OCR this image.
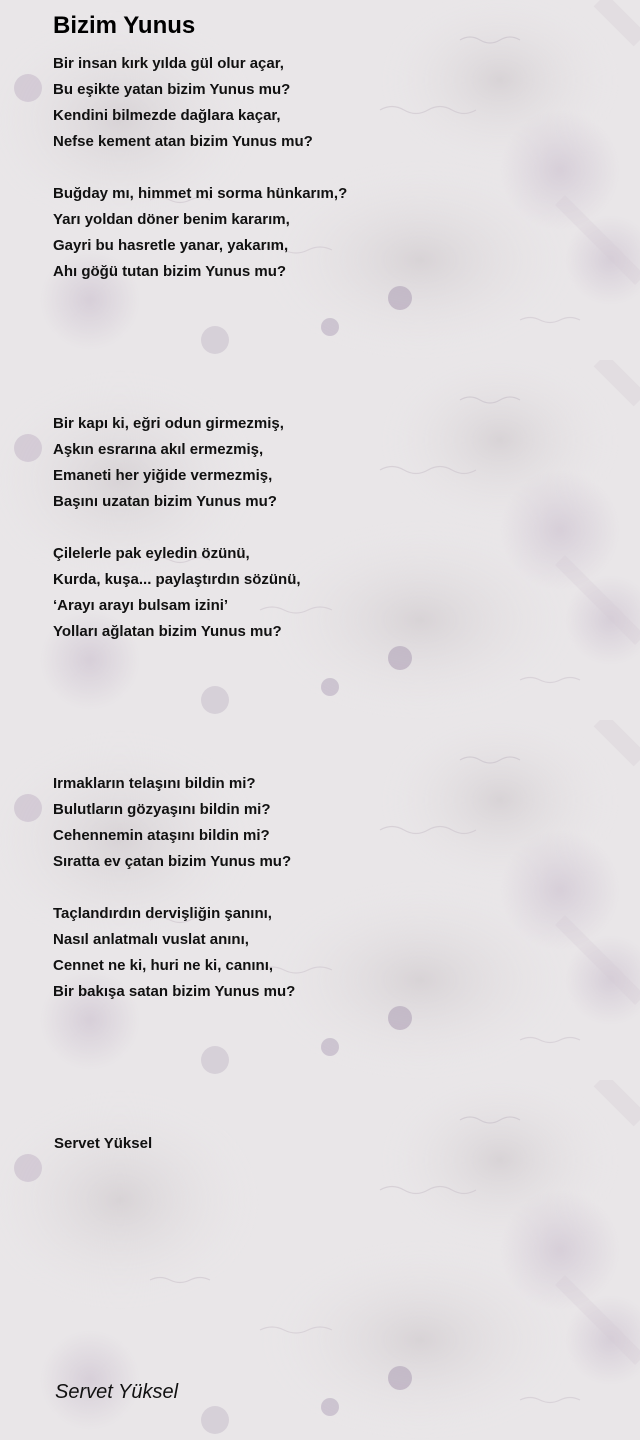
Bizim Yunus
Bir insan kırk yılda gül olur açar,
Bu eşikte yatan bizim Yunus mu?
Kendini bilmezde dağlara kaçar,
Nefse kement atan bizim Yunus mu?
Buğday mı, himmet mi sorma hünkarım,?
Yarı yoldan döner benim kararım,
Gayri bu hasretle yanar, yakarım,
Ahı göğü tutan bizim Yunus mu?
Bir kapı ki, eğri odun girmezmiş,
Aşkın esrarına akıl ermezmiş,
Emaneti her yiğide vermezmiş,
Başını uzatan bizim Yunus mu?
Çilelerle pak eyledin özünü,
Kurda, kuşa... paylaştırdın sözünü,
‘Arayı arayı bulsam izini’
Yolları ağlatan bizim Yunus mu?
Irmakların telaşını bildin mi?
Bulutların gözyaşını bildin mi?
Cehennemin ataşını bildin mi?
Sıratta ev çatan bizim Yunus mu?
Taçlandırdın dervişliğin şanını,
Nasıl anlatmalı vuslat anını,
Cennet ne ki, huri ne ki, canını,
Bir bakışa satan bizim Yunus mu?
Servet Yüksel
Servet Yüksel
